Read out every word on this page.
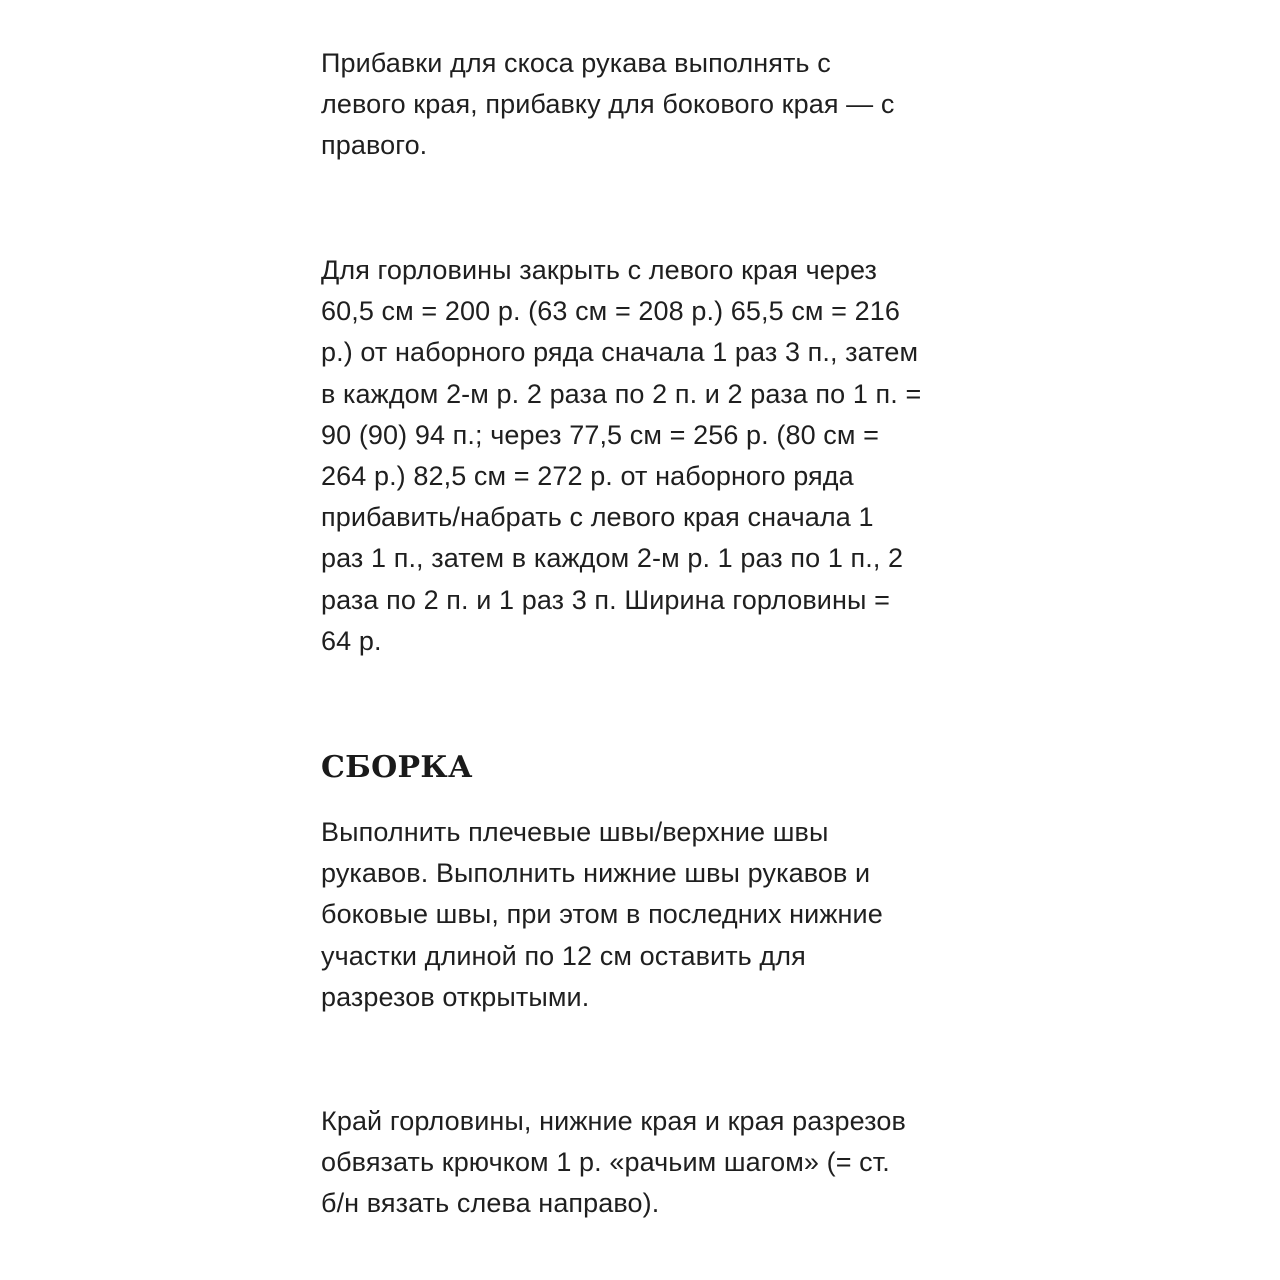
Прибавки для скоса рукава выполнять с
левого края, прибавку для бокового края — с
правого.

Для горловины закрыть с левого края через
60,5 см = 200 р. (63 см = 208 р.) 65,5 см = 216
р.) от наборного ряда сначала 1 раз 3 п., затем
в каждом 2-м р. 2 раза по 2 п. и 2 раза по 1 п. =
90 (90) 94 п.; через 77,5 см = 256 р. (80 см =
264 р.) 82,5 см = 272 р. от наборного ряда
прибавить/набрать с левого края сначала 1
раз 1 п., затем в каждом 2-м р. 1 раз по 1 п., 2
раза по 2 п. и 1 раз 3 п. Ширина горловины =
64 р.

СБОРКА

Выполнить плечевые швы/верхние швы
рукавов. Выполнить нижние швы рукавов и
боковые швы, при этом в последних нижние
участки длиной по 12 см оставить для
разрезов открытыми.

Край горловины, нижние края и края разрезов
обвязать крючком 1 р. «рачьим шагом» (= ст.
б/н вязать слева направо).
